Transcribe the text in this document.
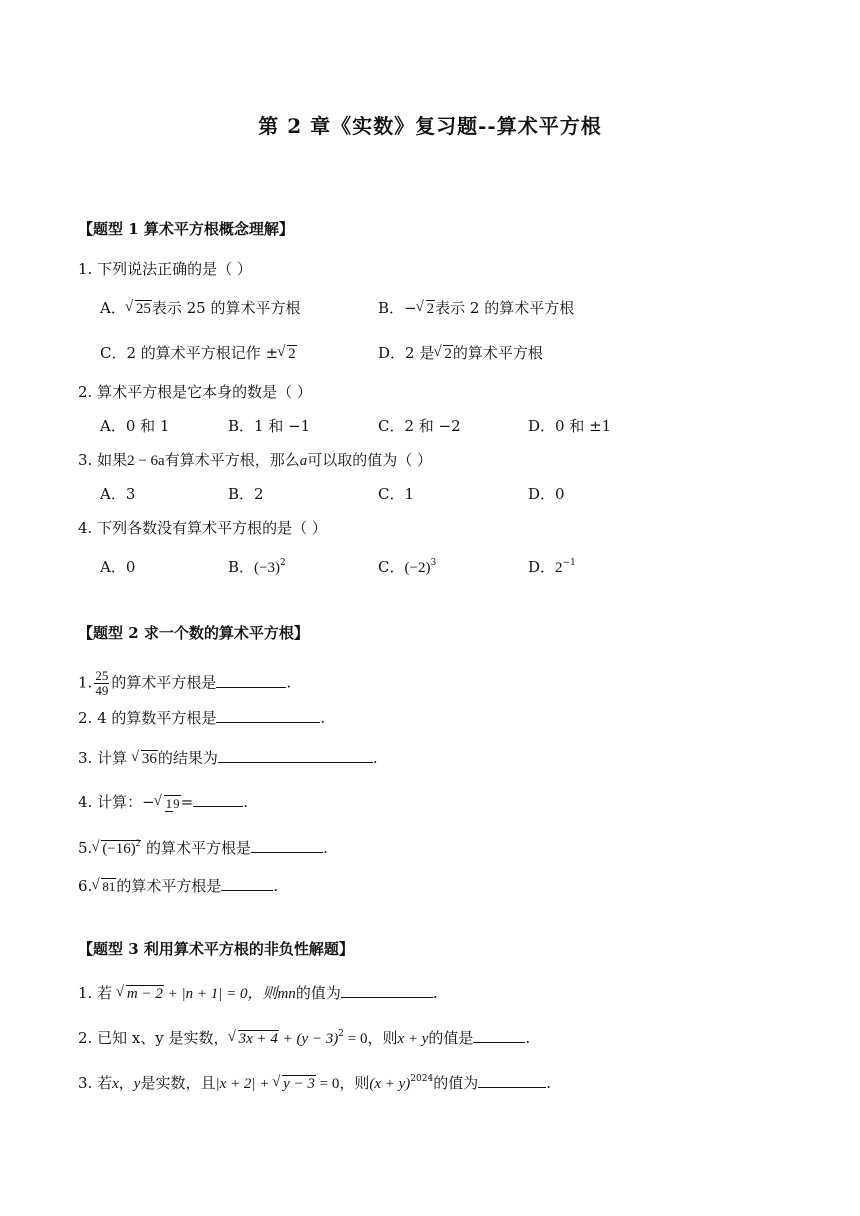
第 2 章《实数》复习题--算术平方根
【题型 1 算术平方根概念理解】
1. 下列说法正确的是（ ）
A． √ 25表示 25 的算术平方根	B．− √ 2表示 2 的算术平方根
C．2 的算术平方根记作 ± √ 2	D．2 是 √ 2的算术平方根
2. 算术平方根是它本身的数是（ ）
A．0 和 1	B．1 和 −1	C．2 和 −2	D．0 和 ±1
3. 如果2 − 6a有算术平方根，那么a可以取的值为（ ）
A．3	B．2	C．1	D．0
4. 下列各数没有算术平方根的是（ ）
A．0	B．$(-3)^2$	C．$(-2)^3$	D．$2^{-1}$
【题型 2 求一个数的算术平方根】
1. $\frac{25}{49}$ 的算术平方根是	.
2. 4 的算数平方根是	.
3. 计算 √ 36的结果为	.
4. 计算：− √ 19=	.
5. √ $(-16)^2$ 的算术平方根是	.
6. √ 81的算术平方根是	.
【题型 3 利用算术平方根的非负性解题】
1. 若 √ m − 2 + |n + 1| = 0，则mn的值为	.
2. 已知 x、y 是实数， √ $3x + 4 + (y - 3)^2 = 0$，则x + y的值是	.
3. 若x，y是实数，且|x + 2| + √ y − 3 = 0，则$(x + y)^{2024}$的值为	.
